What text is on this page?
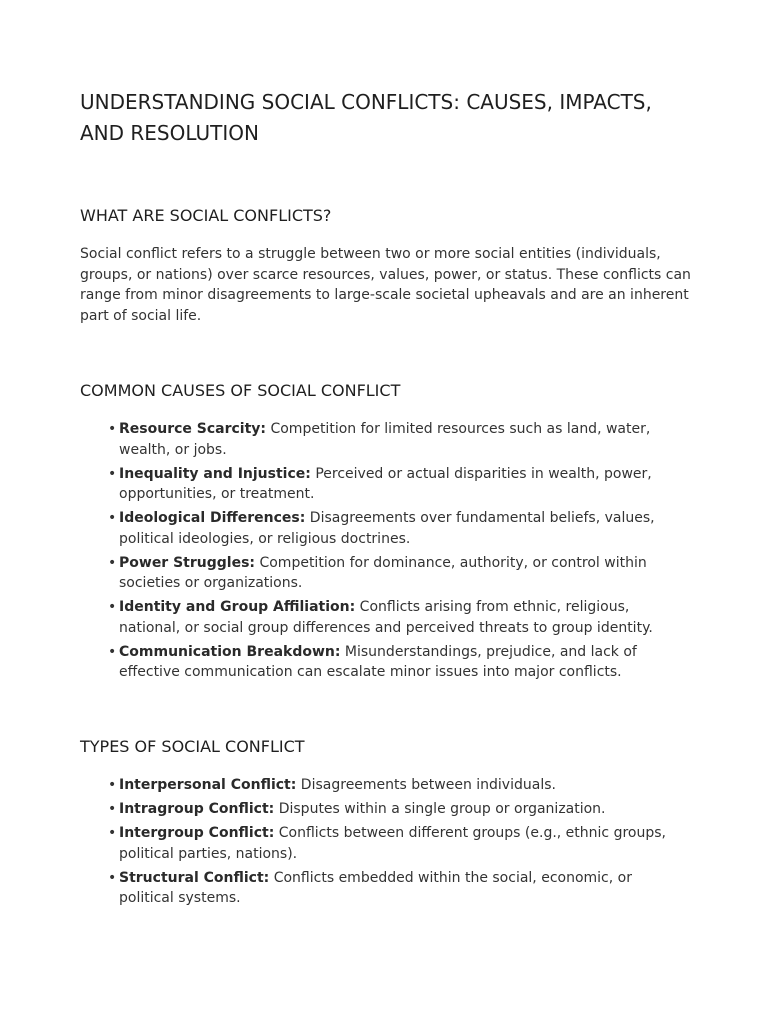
UNDERSTANDING SOCIAL CONFLICTS: CAUSES, IMPACTS, AND RESOLUTION
WHAT ARE SOCIAL CONFLICTS?

Social conflict refers to a struggle between two or more social entities (individuals, groups, or nations) over scarce resources, values, power, or status. These conflicts can range from minor disagreements to large-scale societal upheavals and are an inherent part of social life.

COMMON CAUSES OF SOCIAL CONFLICT
• Resource Scarcity: Competition for limited resources such as land, water, wealth, or jobs.
• Inequality and Injustice: Perceived or actual disparities in wealth, power, opportunities, or treatment.
• Ideological Differences: Disagreements over fundamental beliefs, values, political ideologies, or religious doctrines.
• Power Struggles: Competition for dominance, authority, or control within societies or organizations.
• Identity and Group Affiliation: Conflicts arising from ethnic, religious, national, or social group differences and perceived threats to group identity.
• Communication Breakdown: Misunderstandings, prejudice, and lack of effective communication can escalate minor issues into major conflicts.
TYPES OF SOCIAL CONFLICT
• Interpersonal Conflict: Disagreements between individuals.
• Intragroup Conflict: Disputes within a single group or organization.
• Intergroup Conflict: Conflicts between different groups (e.g., ethnic groups, political parties, nations).
• Structural Conflict: Conflicts embedded within the social, economic, or political systems.
